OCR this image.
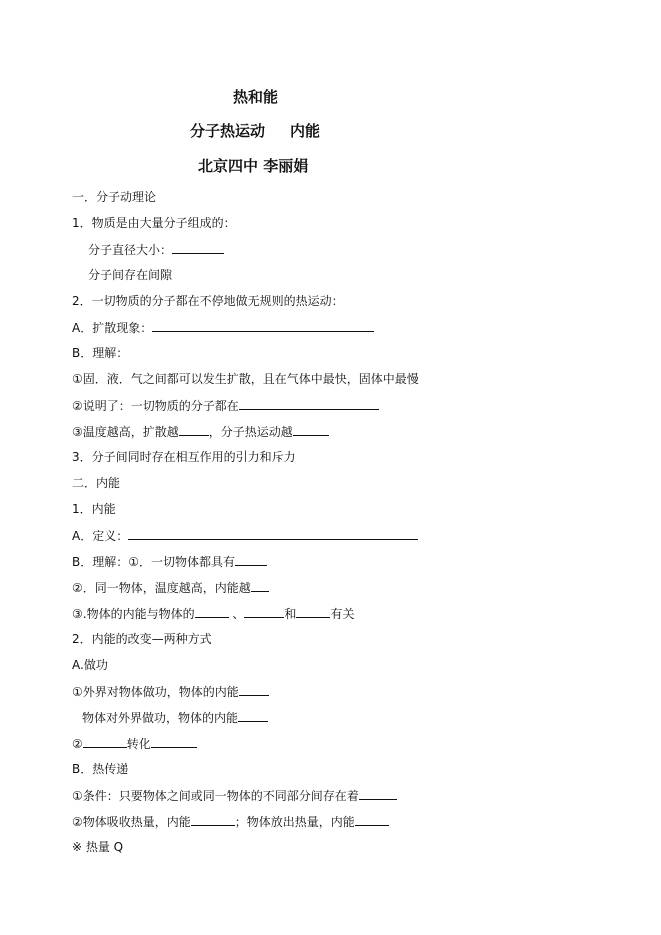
热和能
分子热运动 内能
北京四中 李丽娟
一．分子动理论
1．物质是由大量分子组成的：
分子直径大小：
分子间存在间隙
2．一切物质的分子都在不停地做无规则的热运动：
A．扩散现象：
B．理解：
①固．液．气之间都可以发生扩散，且在气体中最快，固体中最慢
②说明了：一切物质的分子都在
③温度越高，扩散越	，分子热运动越
3．分子间同时存在相互作用的引力和斥力
二．内能
1．内能
A．定义：
B．理解：①．一切物体都具有
②．同一物体，温度越高，内能越
③.物体的内能与物体的	、	和	有关
2．内能的改变—两种方式
A.做功
①外界对物体做功，物体的内能
物体对外界做功，物体的内能
②	转化
B．热传递
①条件：只要物体之间或同一物体的不同部分间存在着
②物体吸收热量，内能	；物体放出热量，内能
※ 热量 Q
